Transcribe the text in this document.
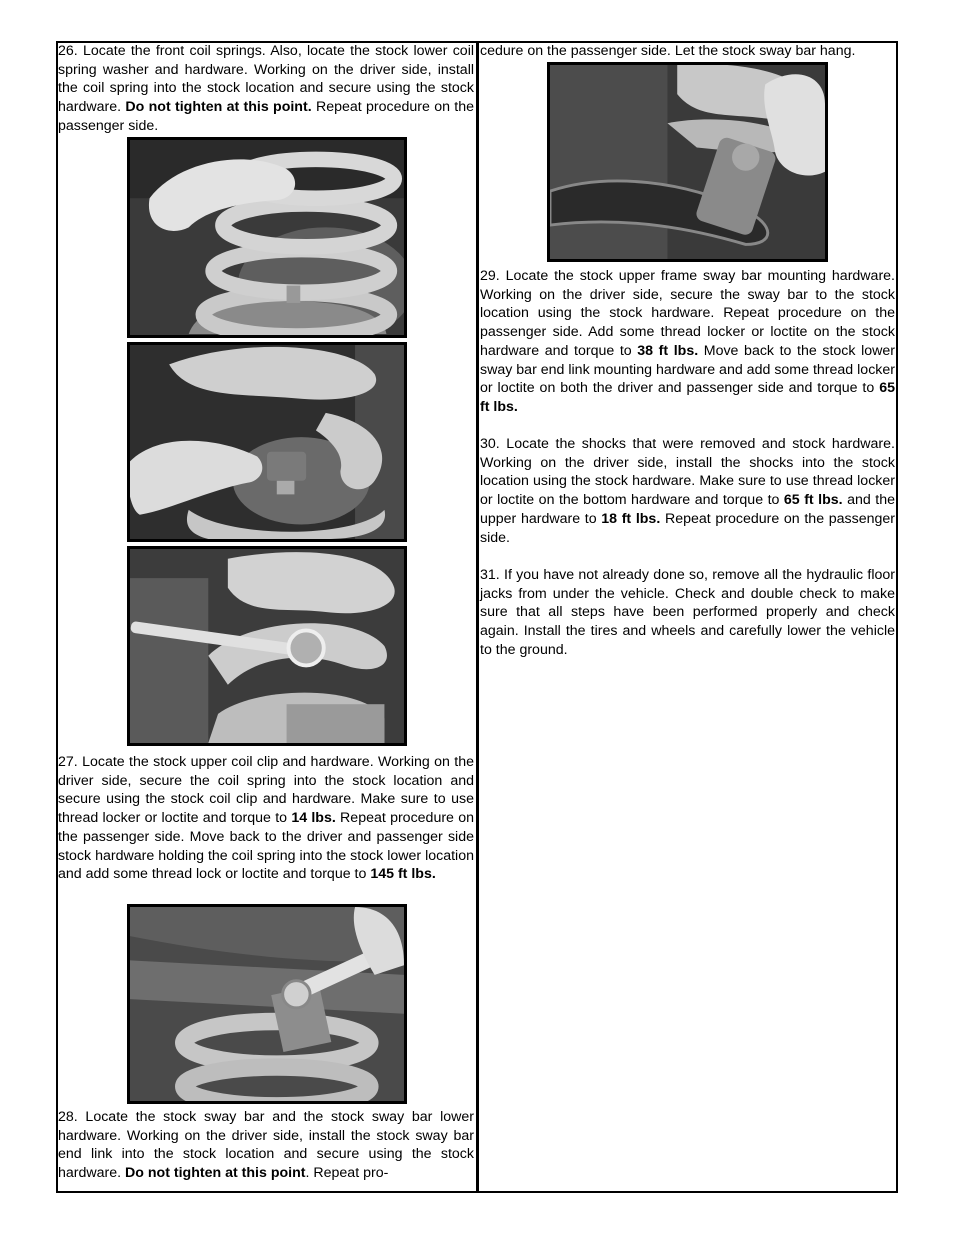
26. Locate the front coil springs. Also, locate the stock lower coil spring washer and hardware. Working on the driver side, install the coil spring into the stock location and secure using the stock hardware. Do not tighten at this point. Repeat procedure on the passenger side.

27. Locate the stock upper coil clip and hardware. Working on the driver side, secure the coil spring into the stock location and secure using the stock coil clip and hardware. Make sure to use thread locker or loctite and torque to 14 lbs. Repeat procedure on the passenger side. Move back to the driver and passenger side stock hardware holding the coil spring into the stock lower location and add some thread lock or loctite and torque to 145 ft lbs.

28. Locate the stock sway bar and the stock sway bar lower hardware. Working on the driver side, install the stock sway bar end link into the stock location and secure using the stock hardware. Do not tighten at this point. Repeat pro-

cedure on the passenger side. Let the stock sway bar hang.

29. Locate the stock upper frame sway bar mounting hardware. Working on the driver side, secure the sway bar to the stock location using the stock hardware. Repeat procedure on the passenger side. Add some thread locker or loctite on the stock hardware and torque to 38 ft lbs. Move back to the stock lower sway bar end link mounting hardware and add some thread locker or loctite on both the driver and passenger side and torque to 65 ft lbs.

30. Locate the shocks that were removed and stock hardware. Working on the driver side, install the shocks into the stock location using the stock hardware. Make sure to use thread locker or loctite on the bottom hardware and torque to 65 ft lbs. and the upper hardware to 18 ft lbs. Repeat procedure on the passenger side.

31. If you have not already done so, remove all the hydraulic floor jacks from under the vehicle. Check and double check to make sure that all steps have been performed properly and check again. Install the tires and wheels and carefully lower the vehicle to the ground.
